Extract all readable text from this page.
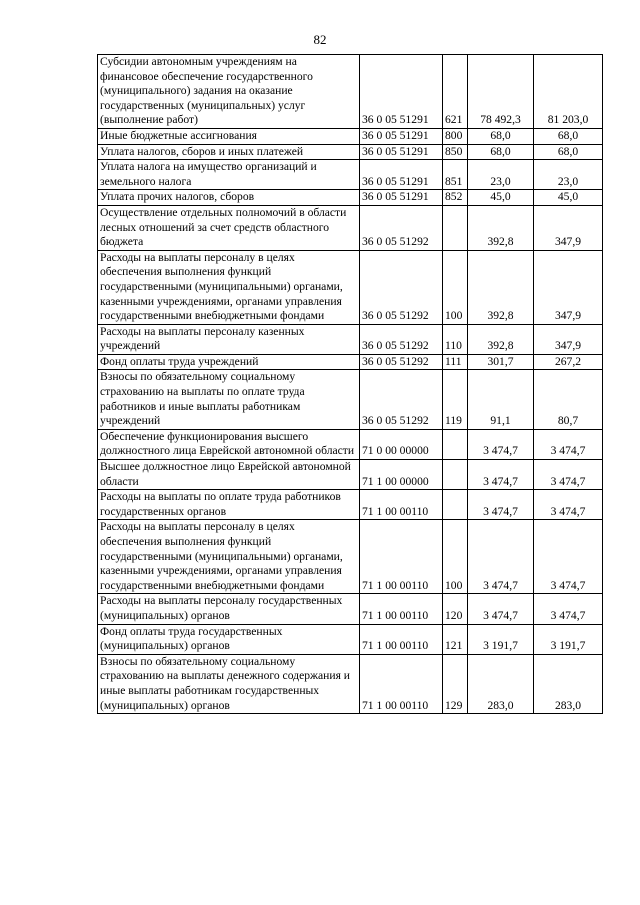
82
Субсидии автономным учреждениям на финансовое обеспечение государственного (муниципального) задания на оказание государственных (муниципальных) услуг (выполнение работ)	36 0 05 51291	621	78 492,3	81 203,0
Иные бюджетные ассигнования	36 0 05 51291	800	68,0	68,0
Уплата налогов, сборов и иных платежей	36 0 05 51291	850	68,0	68,0
Уплата налога на имущество организаций и земельного налога	36 0 05 51291	851	23,0	23,0
Уплата прочих налогов, сборов	36 0 05 51291	852	45,0	45,0
Осуществление отдельных полномочий в области лесных отношений за счет средств областного бюджета	36 0 05 51292		392,8	347,9
Расходы на выплаты персоналу в целях обеспечения выполнения функций государственными (муниципальными) органами, казенными учреждениями, органами управления государственными внебюджетными фондами	36 0 05 51292	100	392,8	347,9
Расходы на выплаты персоналу казенных учреждений	36 0 05 51292	110	392,8	347,9
Фонд оплаты труда учреждений	36 0 05 51292	111	301,7	267,2
Взносы по обязательному социальному страхованию на выплаты по оплате труда работников и иные выплаты работникам учреждений	36 0 05 51292	119	91,1	80,7
Обеспечение функционирования высшего должностного лица Еврейской автономной области	71 0 00 00000		3 474,7	3 474,7
Высшее должностное лицо Еврейской автономной области	71 1 00 00000		3 474,7	3 474,7
Расходы на выплаты по оплате труда работников государственных органов	71 1 00 00110		3 474,7	3 474,7
Расходы на выплаты персоналу в целях обеспечения выполнения функций государственными (муниципальными) органами, казенными учреждениями, органами управления государственными внебюджетными фондами	71 1 00 00110	100	3 474,7	3 474,7
Расходы на выплаты персоналу государственных (муниципальных) органов	71 1 00 00110	120	3 474,7	3 474,7
Фонд оплаты труда государственных (муниципальных) органов	71 1 00 00110	121	3 191,7	3 191,7
Взносы по обязательному социальному страхованию на выплаты денежного содержания и иные выплаты работникам государственных (муниципальных) органов	71 1 00 00110	129	283,0	283,0
